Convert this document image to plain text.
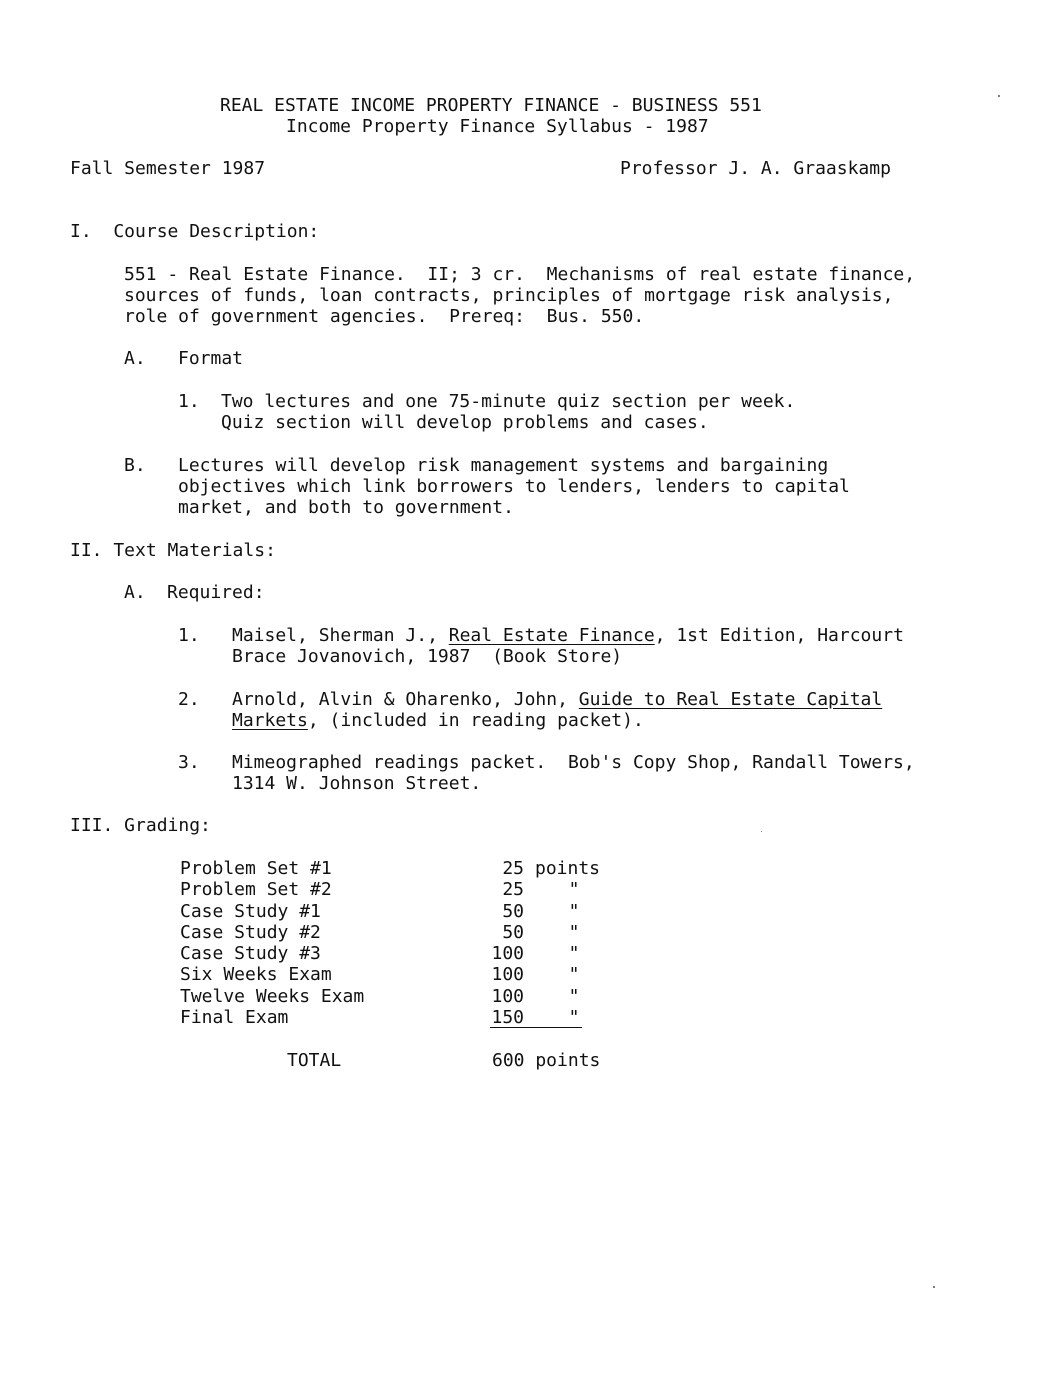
REAL ESTATE INCOME PROPERTY FINANCE - BUSINESS 551
Income Property Finance Syllabus - 1987
Fall Semester 1987	Professor J. A. Graaskamp
I.  Course Description:
551 - Real Estate Finance.  II; 3 cr.  Mechanisms of real estate finance,
sources of funds, loan contracts, principles of mortgage risk analysis,
role of government agencies.  Prereq:  Bus. 550.
A. Format
1. Two lectures and one 75-minute quiz section per week.
Quiz section will develop problems and cases.
B. Lectures will develop risk management systems and bargaining
objectives which link borrowers to lenders, lenders to capital
market, and both to government.
II. Text Materials:
A. Required:
1. Maisel, Sherman J., Real Estate Finance, 1st Edition, Harcourt
Brace Jovanovich, 1987  (Book Store)
2. Arnold, Alvin & Oharenko, John, Guide to Real Estate Capital
Markets, (included in reading packet).
3. Mimeographed readings packet.  Bob's Copy Shop, Randall Towers,
1314 W. Johnson Street.
III. Grading:
Problem Set #1	25 points
Problem Set #2	25 "
Case Study #1	50 "
Case Study #2	50 "
Case Study #3	100 "
Six Weeks Exam	100 "
Twelve Weeks Exam	100 "
Final Exam	150 "
TOTAL	600 points
